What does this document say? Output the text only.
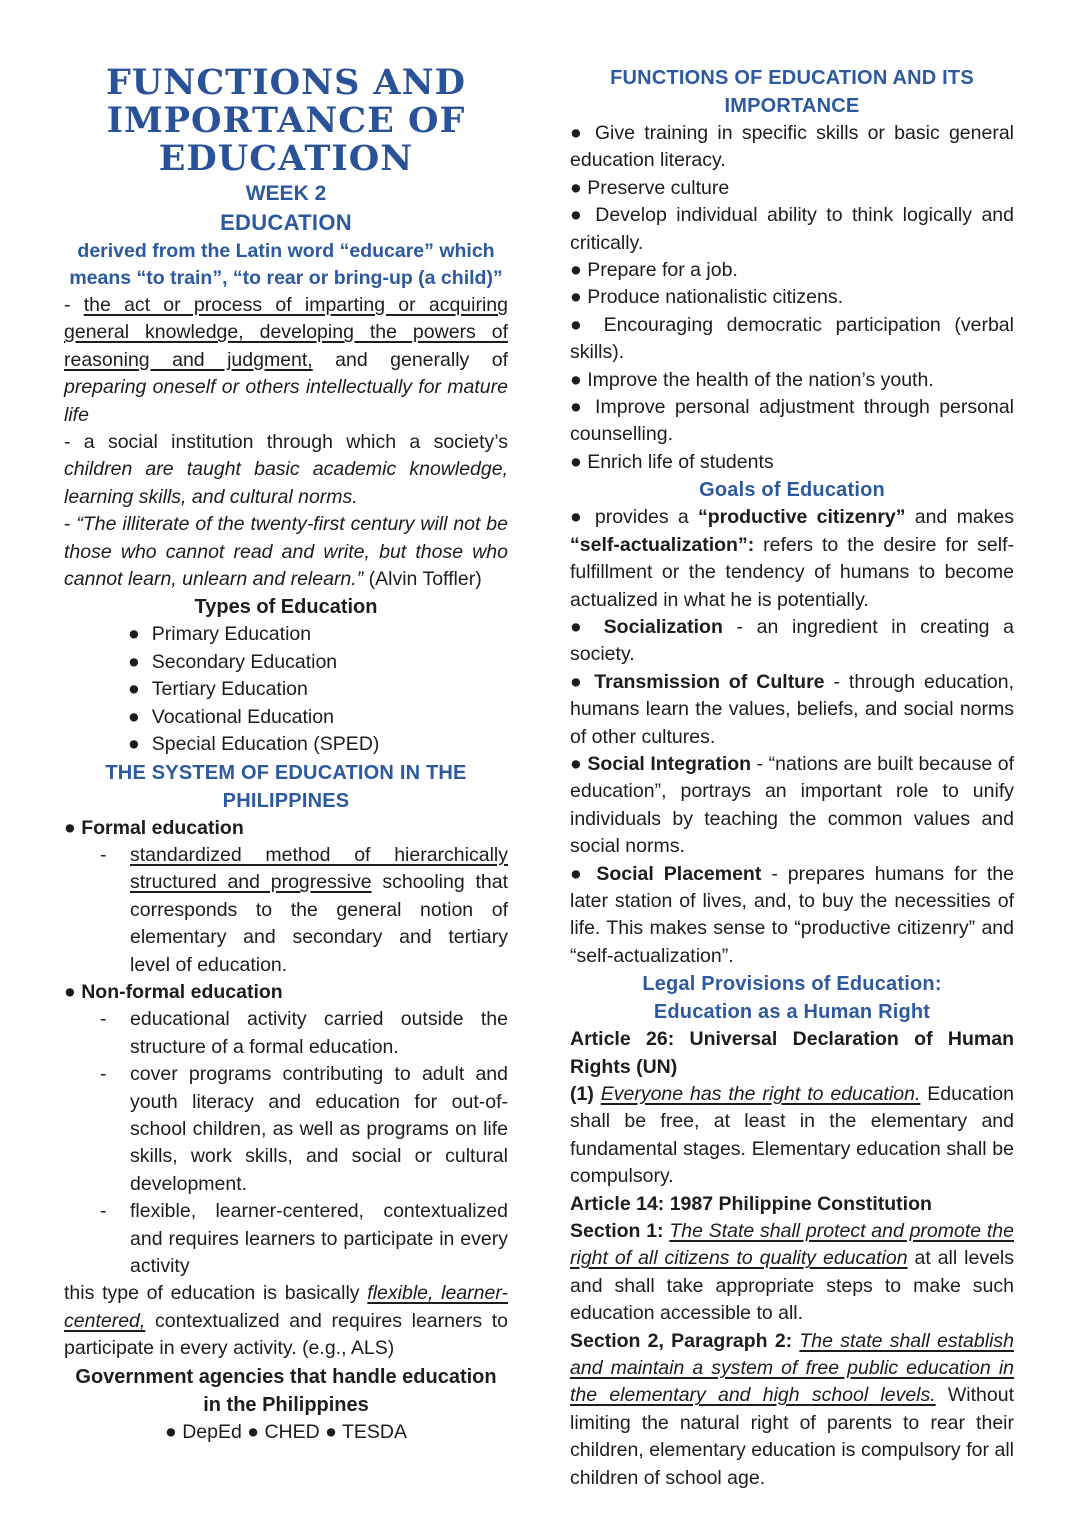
FUNCTIONS AND
IMPORTANCE OF
EDUCATION

WEEK 2

EDUCATION

derived from the Latin word “educare” which means “to train”, “to rear or bring-up (a child)”

- the act or process of imparting or acquiring general knowledge, developing the powers of reasoning and judgment, and generally of preparing oneself or others intellectually for mature life

- a social institution through which a society’s children are taught basic academic knowledge, learning skills, and cultural norms.

- “The illiterate of the twenty-first century will not be those who cannot read and write, but those who cannot learn, unlearn and relearn.” (Alvin Toffler)

Types of Education

● Primary Education

● Secondary Education

● Tertiary Education

● Vocational Education

● Special Education (SPED)

THE SYSTEM OF EDUCATION IN THE PHILIPPINES

● Formal education

- standardized method of hierarchically structured and progressive schooling that corresponds to the general notion of elementary and secondary and tertiary level of education.

● Non-formal education

- educational activity carried outside the structure of a formal education.

- cover programs contributing to adult and youth literacy and education for out-of-school children, as well as programs on life skills, work skills, and social or cultural development.

- flexible, learner-centered, contextualized and requires learners to participate in every activity

this type of education is basically flexible, learner-centered, contextualized and requires learners to participate in every activity. (e.g., ALS)

Government agencies that handle education in the Philippines

● DepEd ● CHED ● TESDA

FUNCTIONS OF EDUCATION AND ITS IMPORTANCE

● Give training in specific skills or basic general education literacy.

● Preserve culture

● Develop individual ability to think logically and critically.

● Prepare for a job.

● Produce nationalistic citizens.

● Encouraging democratic participation (verbal skills).

● Improve the health of the nation’s youth.

● Improve personal adjustment through personal counselling.

● Enrich life of students

Goals of Education

● provides a “productive citizenry” and makes “self-actualization”: refers to the desire for self-fulfillment or the tendency of humans to become actualized in what he is potentially.

● Socialization - an ingredient in creating a society.

● Transmission of Culture - through education, humans learn the values, beliefs, and social norms of other cultures.

● Social Integration - “nations are built because of education”, portrays an important role to unify individuals by teaching the common values and social norms.

● Social Placement - prepares humans for the later station of lives, and, to buy the necessities of life. This makes sense to “productive citizenry” and “self-actualization”.

Legal Provisions of Education:
Education as a Human Right

Article 26: Universal Declaration of Human Rights (UN)

(1) Everyone has the right to education. Education shall be free, at least in the elementary and fundamental stages. Elementary education shall be compulsory.

Article 14: 1987 Philippine Constitution

Section 1: The State shall protect and promote the right of all citizens to quality education at all levels and shall take appropriate steps to make such education accessible to all.

Section 2, Paragraph 2: The state shall establish and maintain a system of free public education in the elementary and high school levels. Without limiting the natural right of parents to rear their children, elementary education is compulsory for all children of school age.
